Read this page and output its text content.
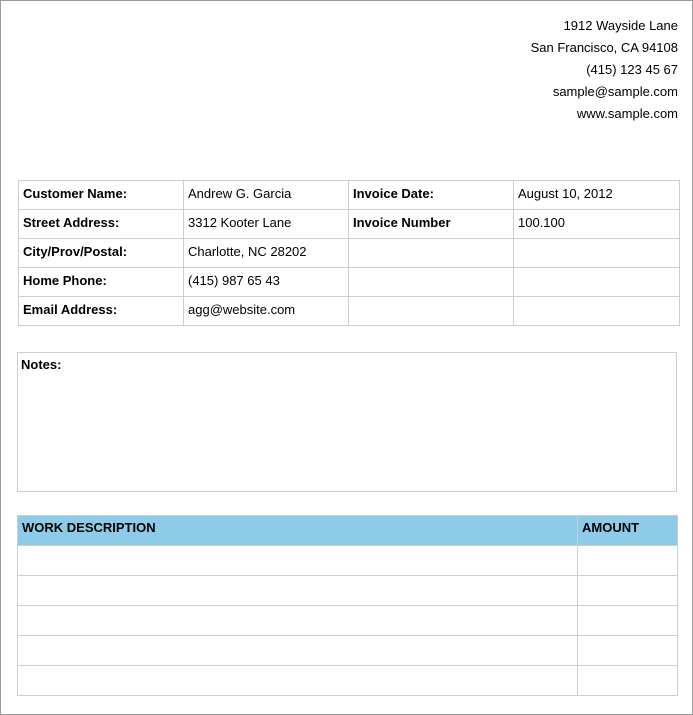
1912 Wayside Lane
San Francisco, CA 94108
(415) 123 45 67
sample@sample.com
www.sample.com
Customer Name:	Andrew G. Garcia	Invoice Date:	August 10, 2012
Street Address:	3312 Kooter Lane	Invoice Number	100.100
City/Prov/Postal:	Charlotte, NC 28202		
Home Phone:	(415) 987 65 43		
Email Address:	agg@website.com		
Notes:
WORK DESCRIPTION	AMOUNT
